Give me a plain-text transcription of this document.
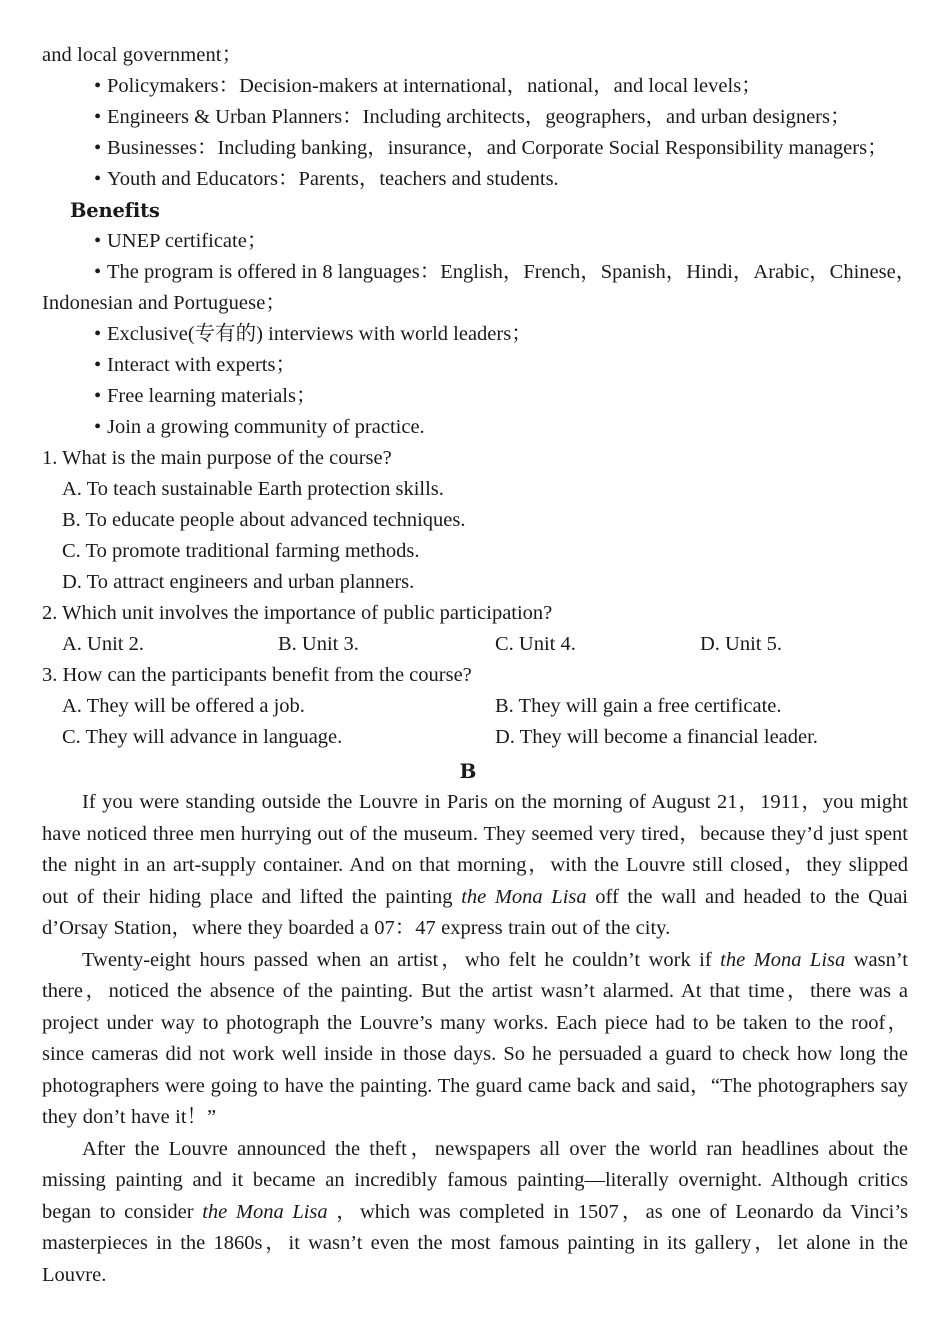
and local government；
• Policymakers：Decision-makers at international，national，and local levels；
• Engineers & Urban Planners：Including architects，geographers，and urban designers；
• Businesses：Including banking，insurance，and Corporate Social Responsibility managers；
• Youth and Educators：Parents，teachers and students.
Benefits
• UNEP certificate；
• The program is offered in 8 languages：English，French，Spanish，Hindi，Arabic，Chinese，
Indonesian and Portuguese；
• Exclusive(专有的) interviews with world leaders；
• Interact with experts；
• Free learning materials；
• Join a growing community of practice.
1. What is the main purpose of the course?
A. To teach sustainable Earth protection skills.
B. To educate people about advanced techniques.
C. To promote traditional farming methods.
D. To attract engineers and urban planners.
2. Which unit involves the importance of public participation?
A. Unit 2.	B. Unit 3.	C. Unit 4.	D. Unit 5.
3. How can the participants benefit from the course?
A. They will be offered a job.	B. They will gain a free certificate.
C. They will advance in language.	D. They will become a financial leader.
B

If you were standing outside the Louvre in Paris on the morning of August 21，1911，you might have noticed three men hurrying out of the museum. They seemed very tired，because they’d just spent the night in an art-supply container. And on that morning，with the Louvre still closed，they slipped out of their hiding place and lifted the painting the Mona Lisa off the wall and headed to the Quai d’Orsay Station，where they boarded a 07：47 express train out of the city.

Twenty-eight hours passed when an artist，who felt he couldn’t work if the Mona Lisa wasn’t there，noticed the absence of the painting. But the artist wasn’t alarmed. At that time，there was a project under way to photograph the Louvre’s many works. Each piece had to be taken to the roof，since cameras did not work well inside in those days. So he persuaded a guard to check how long the photographers were going to have the painting. The guard came back and said，“The photographers say they don’t have it！”

After the Louvre announced the theft，newspapers all over the world ran headlines about the missing painting and it became an incredibly famous painting—literally overnight. Although critics began to consider the Mona Lisa ，which was completed in 1507，as one of Leonardo da Vinci’s masterpieces in the 1860s，it wasn’t even the most famous painting in its gallery，let alone in the Louvre.
